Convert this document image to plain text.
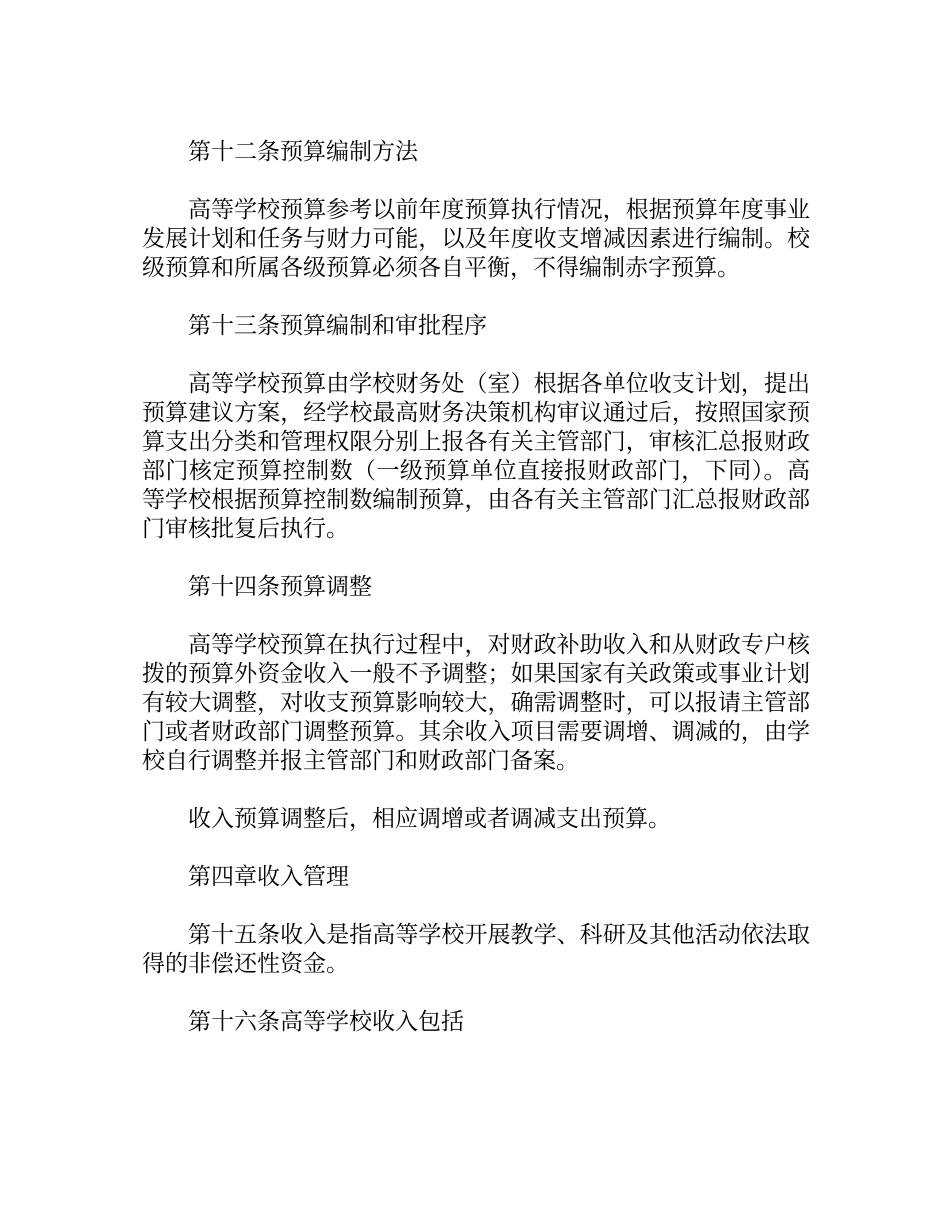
第十二条预算编制方法

高等学校预算参考以前年度预算执行情况，根据预算年度事业发展计划和任务与财力可能，以及年度收支增减因素进行编制。校级预算和所属各级预算必须各自平衡，不得编制赤字预算。

第十三条预算编制和审批程序

高等学校预算由学校财务处（室）根据各单位收支计划，提出预算建议方案，经学校最高财务决策机构审议通过后，按照国家预算支出分类和管理权限分别上报各有关主管部门，审核汇总报财政部门核定预算控制数（一级预算单位直接报财政部门，下同）。高等学校根据预算控制数编制预算，由各有关主管部门汇总报财政部门审核批复后执行。

第十四条预算调整

高等学校预算在执行过程中，对财政补助收入和从财政专户核拨的预算外资金收入一般不予调整；如果国家有关政策或事业计划有较大调整，对收支预算影响较大，确需调整时，可以报请主管部门或者财政部门调整预算。其余收入项目需要调增、调减的，由学校自行调整并报主管部门和财政部门备案。

收入预算调整后，相应调增或者调减支出预算。

第四章收入管理

第十五条收入是指高等学校开展教学、科研及其他活动依法取得的非偿还性资金。

第十六条高等学校收入包括
